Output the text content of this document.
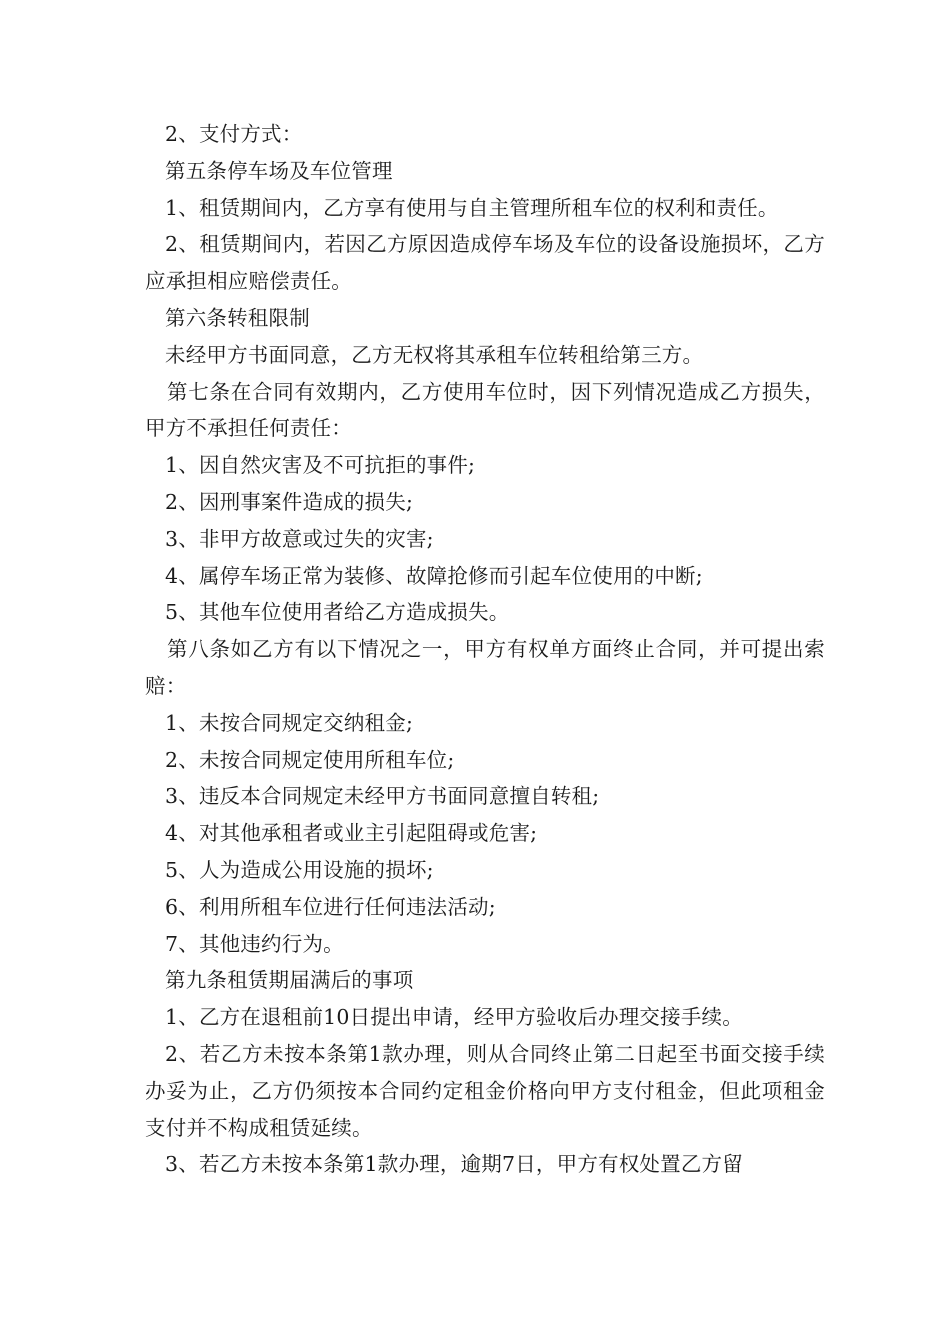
2、支付方式：

第五条停车场及车位管理

1、租赁期间内，乙方享有使用与自主管理所租车位的权利和责任。

2、租赁期间内，若因乙方原因造成停车场及车位的设备设施损坏，乙方应承担相应赔偿责任。

第六条转租限制

未经甲方书面同意，乙方无权将其承租车位转租给第三方。

第七条在合同有效期内，乙方使用车位时，因下列情况造成乙方损失，甲方不承担任何责任：

1、因自然灾害及不可抗拒的事件;

2、因刑事案件造成的损失;

3、非甲方故意或过失的灾害;

4、属停车场正常为装修、故障抢修而引起车位使用的中断;

5、其他车位使用者给乙方造成损失。

第八条如乙方有以下情况之一，甲方有权单方面终止合同，并可提出索赔：

1、未按合同规定交纳租金;

2、未按合同规定使用所租车位;

3、违反本合同规定未经甲方书面同意擅自转租;

4、对其他承租者或业主引起阻碍或危害;

5、人为造成公用设施的损坏;

6、利用所租车位进行任何违法活动;

7、其他违约行为。

第九条租赁期届满后的事项

1、乙方在退租前10日提出申请，经甲方验收后办理交接手续。

2、若乙方未按本条第1款办理，则从合同终止第二日起至书面交接手续办妥为止，乙方仍须按本合同约定租金价格向甲方支付租金，但此项租金支付并不构成租赁延续。

3、若乙方未按本条第1款办理，逾期7日，甲方有权处置乙方留
